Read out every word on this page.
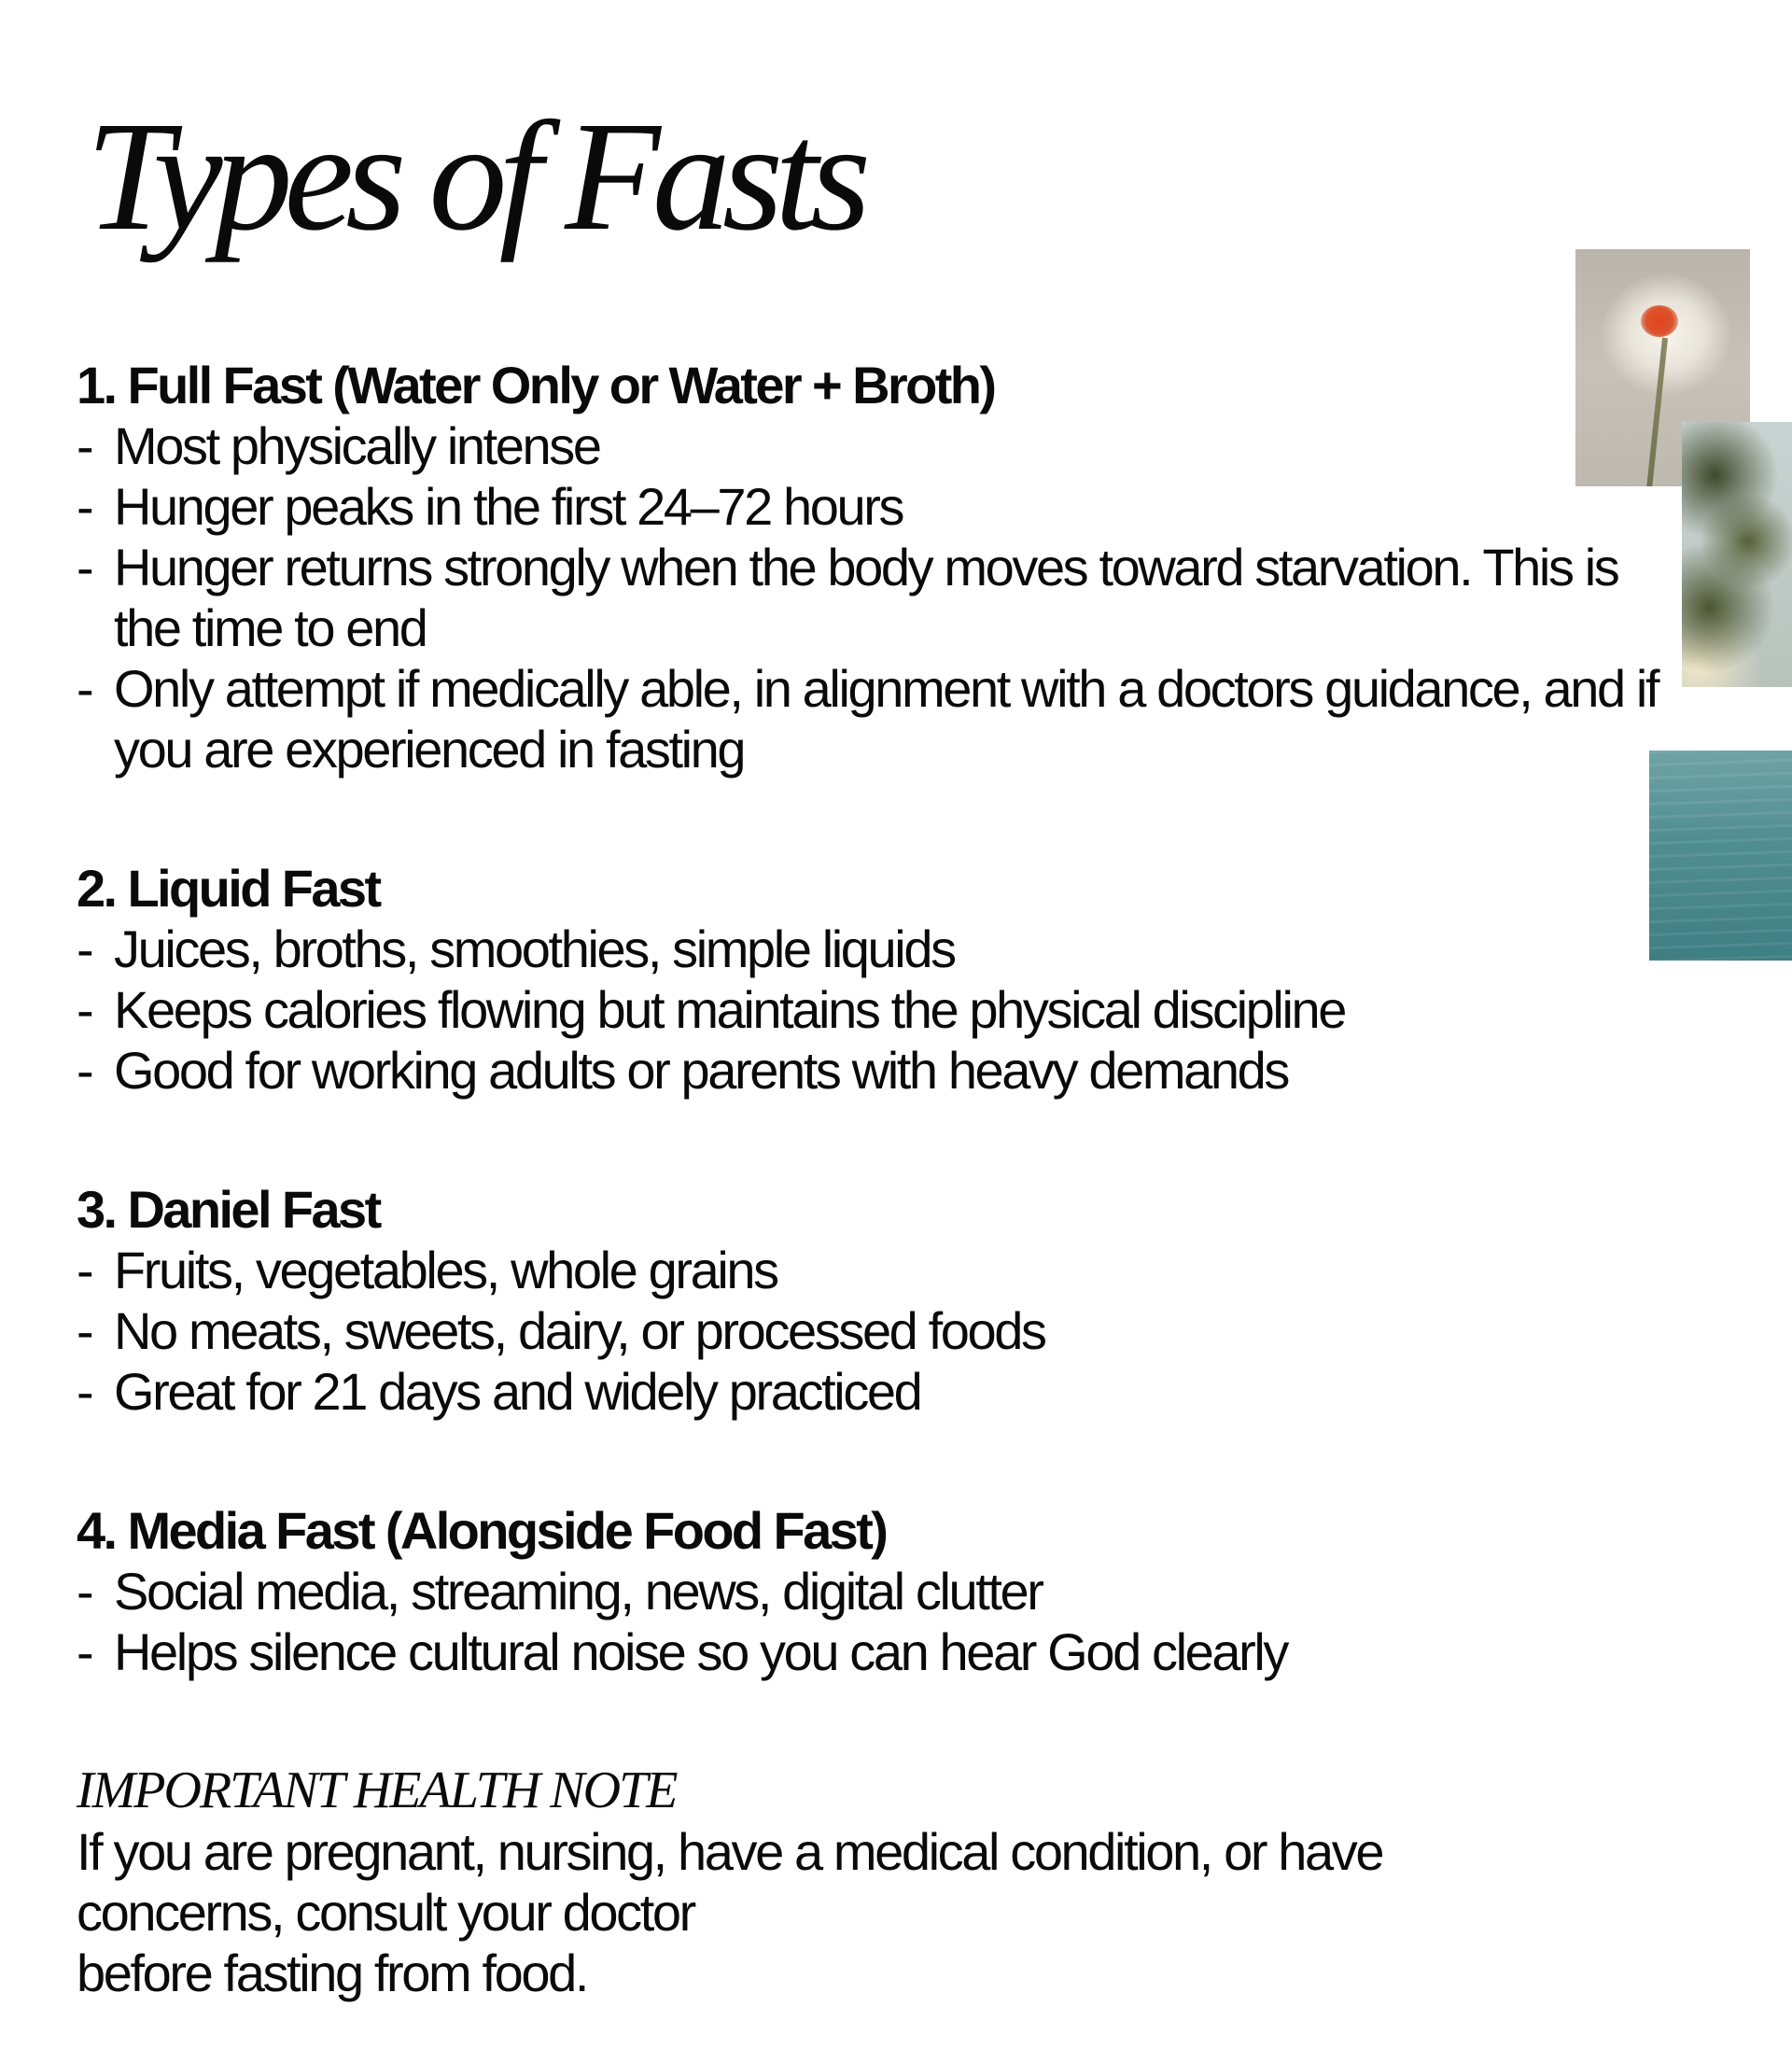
Types of Fasts
1. Full Fast (Water Only or Water + Broth)
- Most physically intense
- Hunger peaks in the first 24–72 hours
- Hunger returns strongly when the body moves toward starvation. This is the time to end
- Only attempt if medically able, in alignment with a doctors guidance, and if you are experienced in fasting
2. Liquid Fast
- Juices, broths, smoothies, simple liquids
- Keeps calories flowing but maintains the physical discipline
- Good for working adults or parents with heavy demands
3. Daniel Fast
- Fruits, vegetables, whole grains
- No meats, sweets, dairy, or processed foods
- Great for 21 days and widely practiced
4. Media Fast (Alongside Food Fast)
- Social media, streaming, news, digital clutter
- Helps silence cultural noise so you can hear God clearly
IMPORTANT HEALTH NOTE
If you are pregnant, nursing, have a medical condition, or have
concerns, consult your doctor
before fasting from food.
